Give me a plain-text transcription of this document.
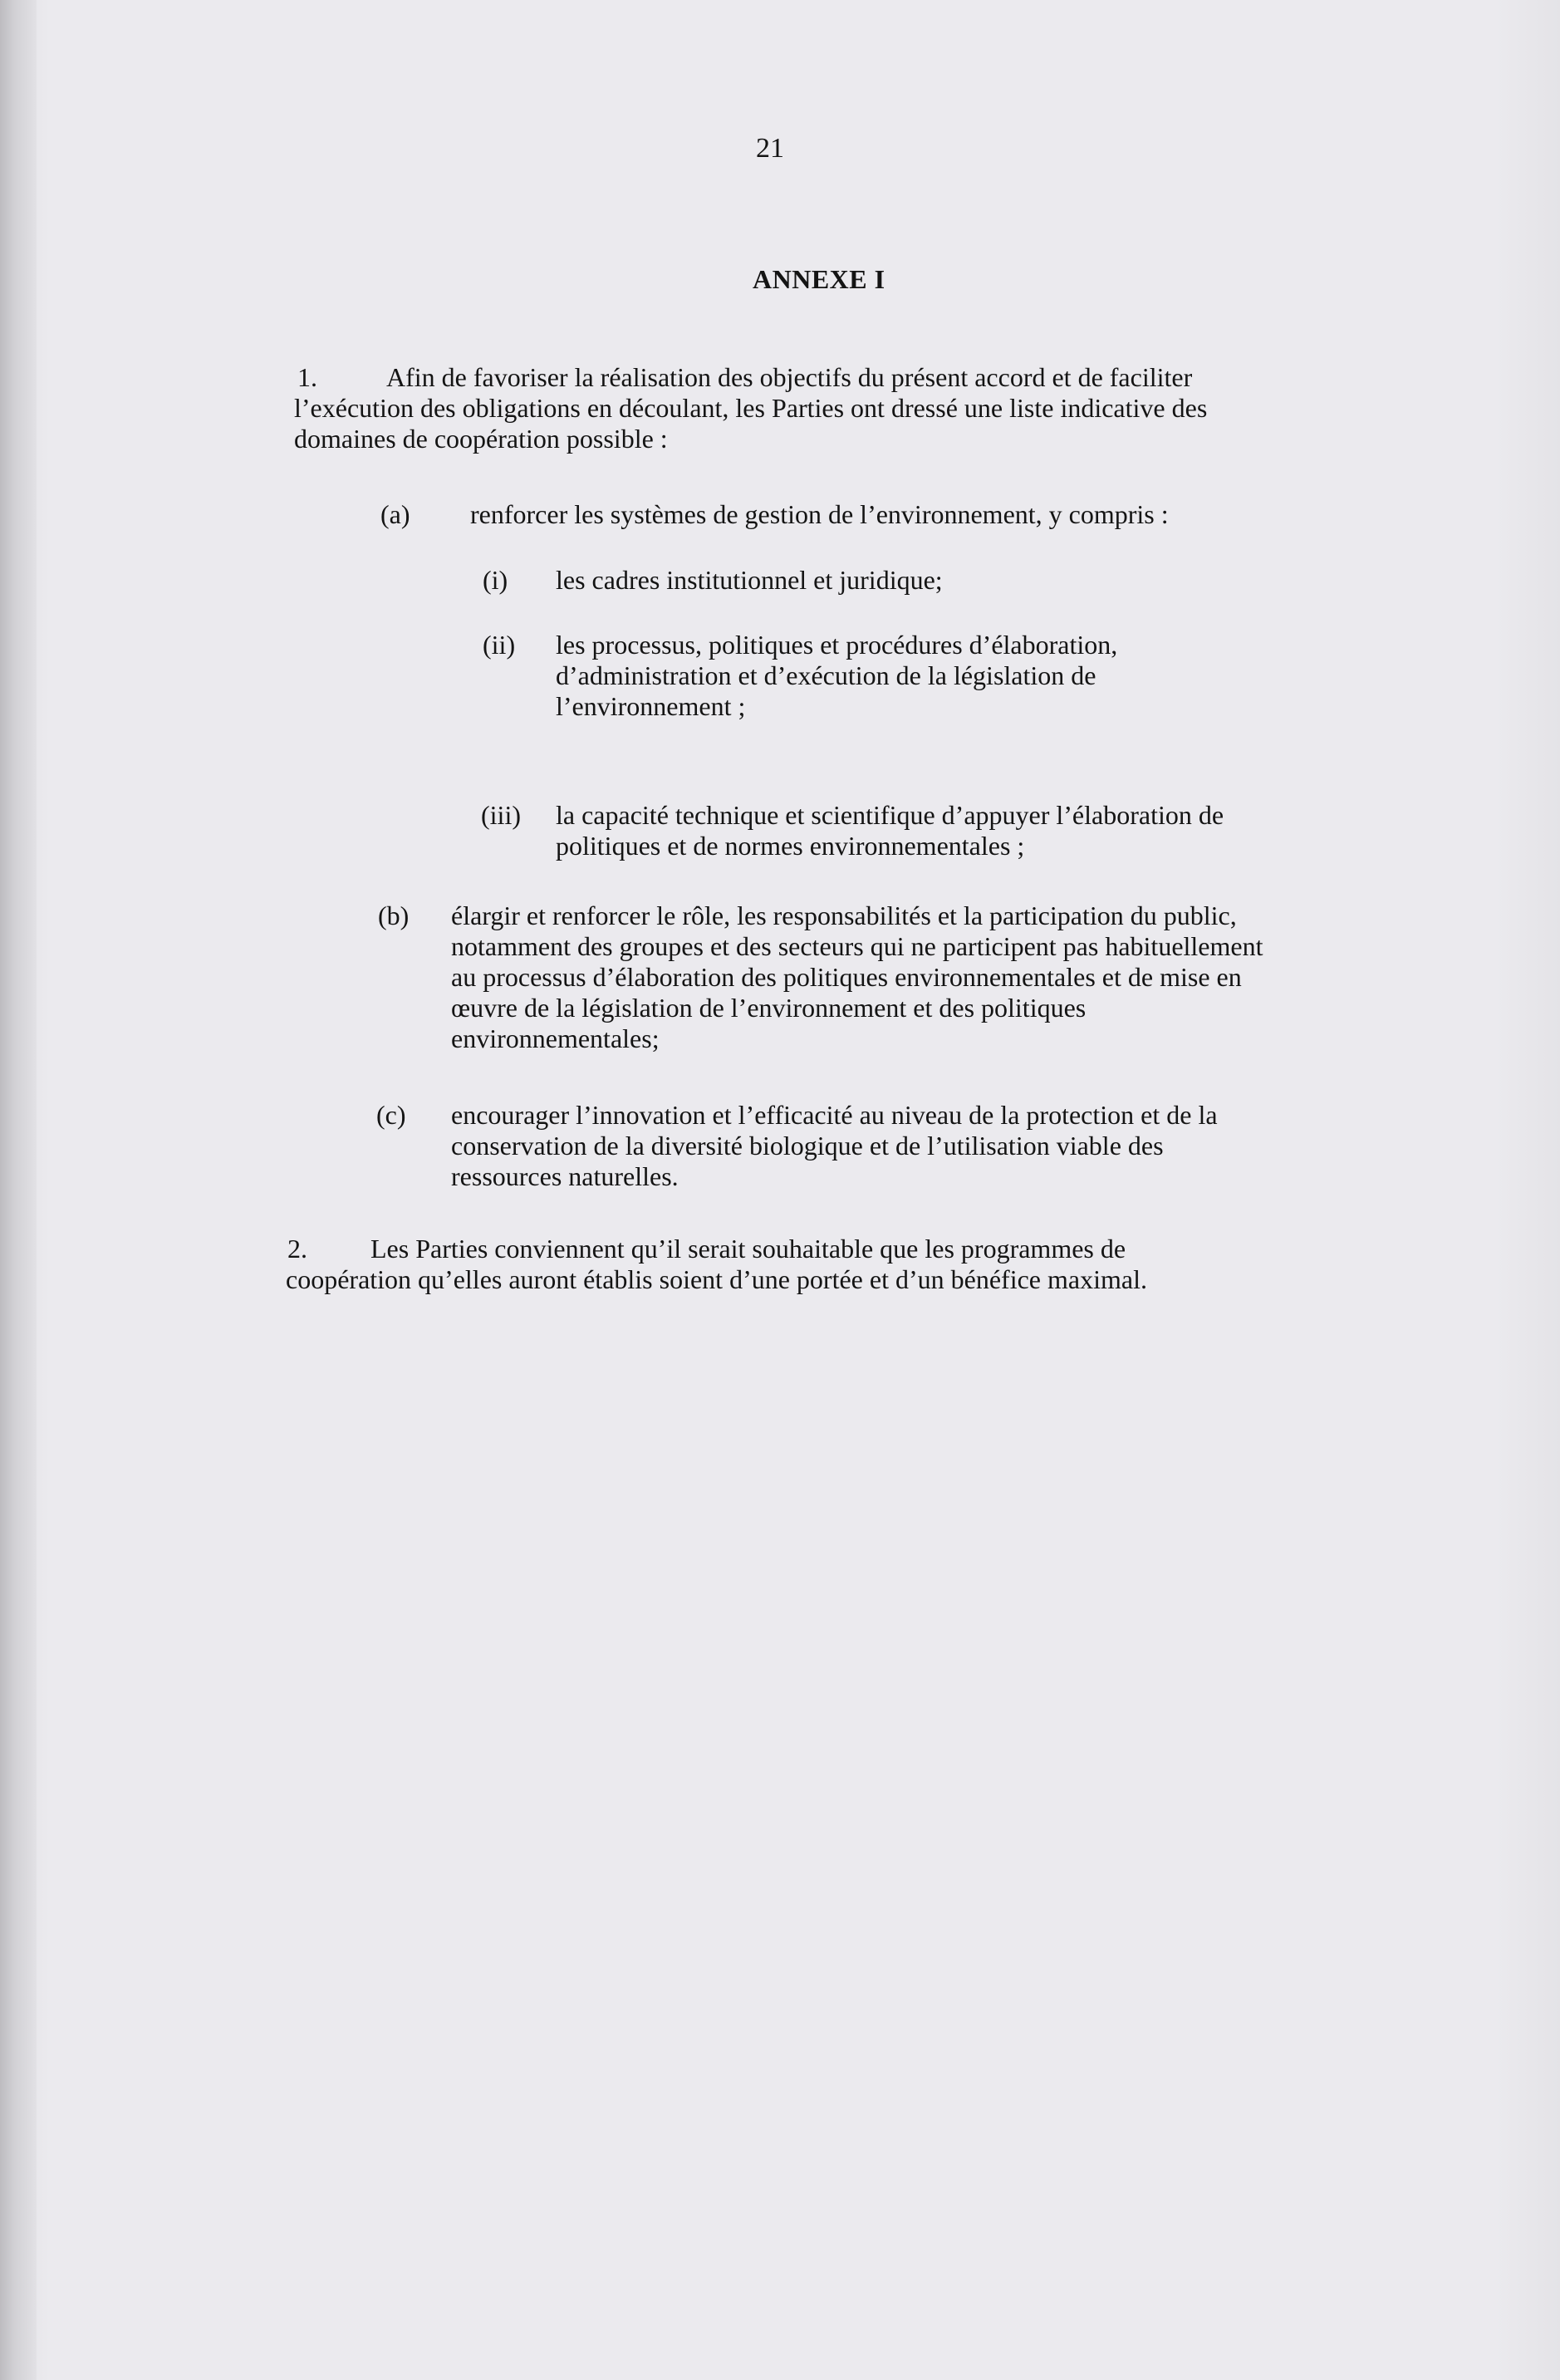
21
ANNEXE I
1.	Afin de favoriser la réalisation des objectifs du présent accord et de faciliter
l’exécution des obligations en découlant, les Parties ont dressé une liste indicative des
domaines de coopération possible :
(a) renforcer les systèmes de gestion de l’environnement, y compris :
(i) les cadres institutionnel et juridique;
(ii) les processus, politiques et procédures d’élaboration,
d’administration et d’exécution de la législation de
l’environnement ;
(iii) la capacité technique et scientifique d’appuyer l’élaboration de
politiques et de normes environnementales ;
(b) élargir et renforcer le rôle, les responsabilités et la participation du public,
notamment des groupes et des secteurs qui ne participent pas habituellement
au processus d’élaboration des politiques environnementales et de mise en
œuvre de la législation de l’environnement et des politiques
environnementales;
(c) encourager l’innovation et l’efficacité au niveau de la protection et de la
conservation de la diversité biologique et de l’utilisation viable des
ressources naturelles.
2. Les Parties conviennent qu’il serait souhaitable que les programmes de
coopération qu’elles auront établis soient d’une portée et d’un bénéfice maximal.
